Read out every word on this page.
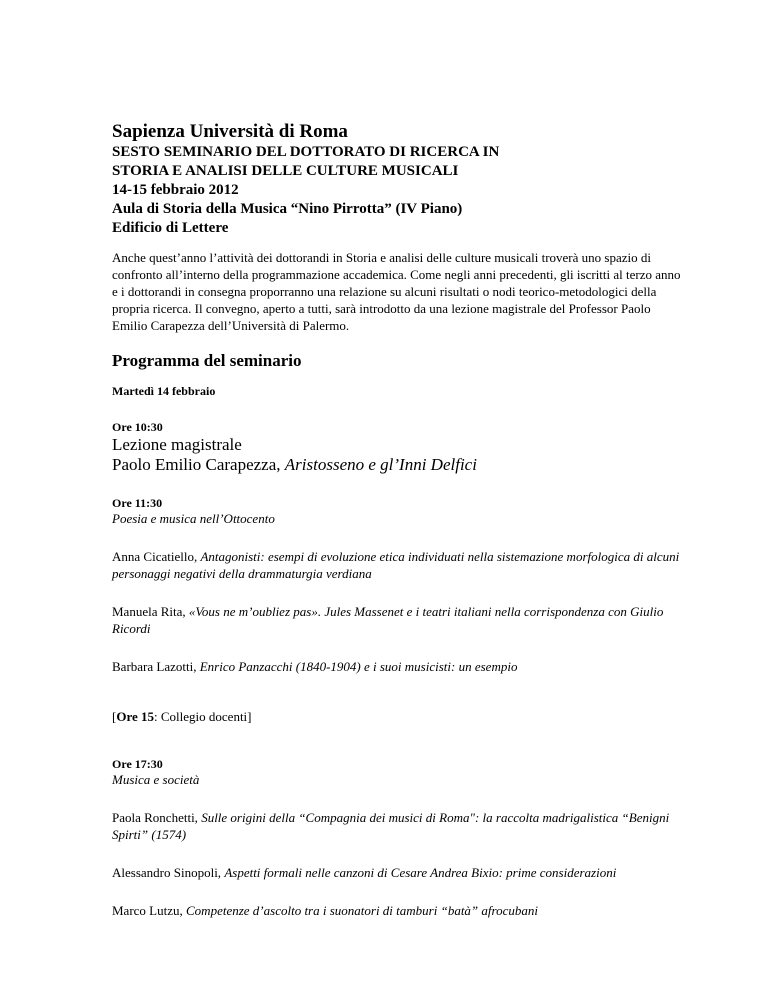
Sapienza Università di Roma

SESTO SEMINARIO DEL DOTTORATO DI RICERCA IN

STORIA E ANALISI DELLE CULTURE MUSICALI

14-15 febbraio 2012

Aula di Storia della Musica “Nino Pirrotta” (IV Piano)

Edificio di Lettere

Anche quest’anno l’attività dei dottorandi in Storia e analisi delle culture musicali troverà uno spazio di confronto all’interno della programmazione accademica. Come negli anni precedenti, gli iscritti al terzo anno e i dottorandi in consegna proporranno una relazione su alcuni risultati o nodi teorico-metodologici della propria ricerca. Il convegno, aperto a tutti, sarà introdotto da una lezione magistrale del Professor Paolo Emilio Carapezza dell’Università di Palermo.

Programma del seminario

Martedì 14 febbraio

Ore 10:30

Lezione magistrale

Paolo Emilio Carapezza, Aristosseno e gl’Inni Delfici

Ore 11:30

Poesia e musica nell’Ottocento

Anna Cicatiello, Antagonisti: esempi di evoluzione etica individuati nella sistemazione morfologica di alcuni personaggi negativi della drammaturgia verdiana

Manuela Rita, «Vous ne m’oubliez pas». Jules Massenet e i teatri italiani nella corrispondenza con Giulio Ricordi

Barbara Lazotti, Enrico Panzacchi (1840-1904) e i suoi musicisti: un esempio

[Ore 15: Collegio docenti]

Ore 17:30

Musica e società

Paola Ronchetti, Sulle origini della “Compagnia dei musici di Roma": la raccolta madrigalistica “Benigni Spirti” (1574)

Alessandro Sinopoli, Aspetti formali nelle canzoni di Cesare Andrea Bixio: prime considerazioni

Marco Lutzu, Competenze d’ascolto tra i suonatori di tamburi “batà” afrocubani
